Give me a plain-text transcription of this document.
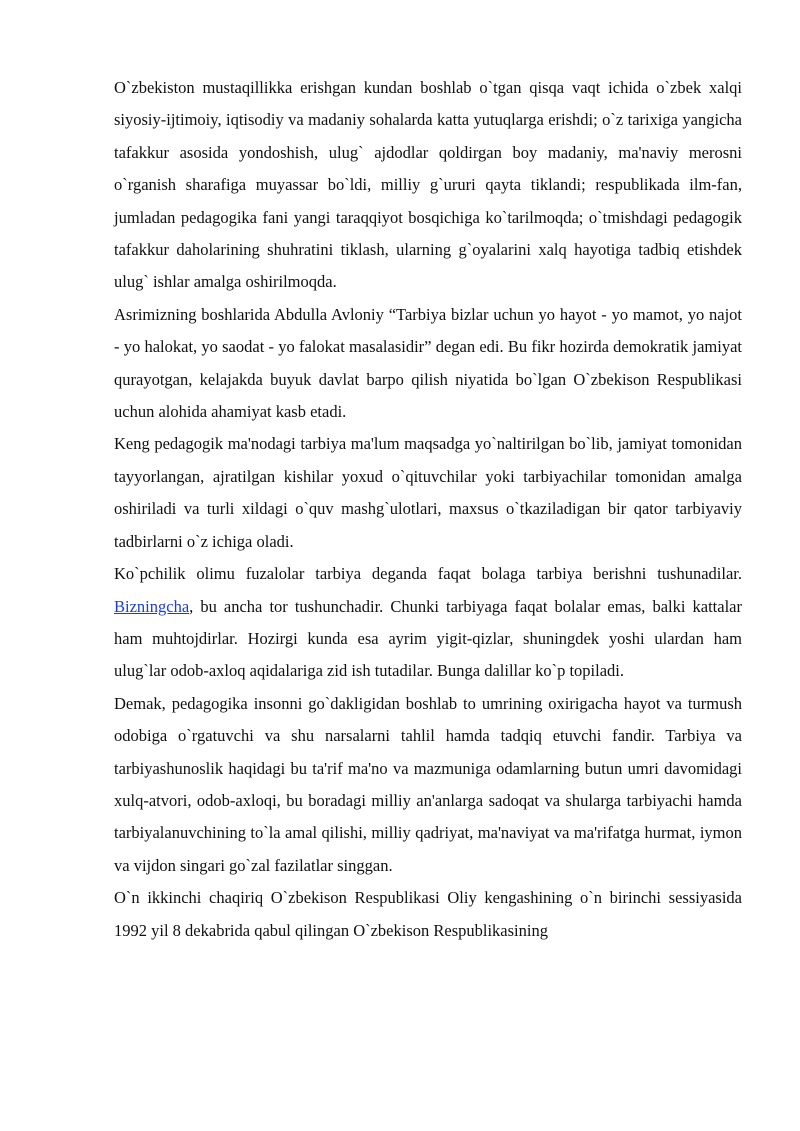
O`zbekiston mustaqillikka erishgan kundan boshlab o`tgan qisqa vaqt ichida o`zbek xalqi siyosiy-ijtimoiy, iqtisodiy va madaniy sohalarda katta yutuqlarga erishdi; o`z tarixiga yangicha tafakkur asosida yondoshish, ulug` ajdodlar qoldirgan boy madaniy, ma'naviy merosni o`rganish sharafiga muyassar bo`ldi, milliy g`ururi qayta tiklandi; respublikada ilm-fan, jumladan pedagogika fani yangi taraqqiyot bosqichiga ko`tarilmoqda; o`tmishdagi pedagogik tafakkur daholarining shuhratini tiklash, ularning g`oyalarini xalq hayotiga tadbiq etishdek ulug` ishlar amalga oshirilmoqda.

Asrimizning boshlarida Abdulla Avloniy “Tarbiya bizlar uchun yo hayot - yo mamot, yo najot - yo halokat, yo saodat - yo falokat masalasidir” degan edi. Bu fikr hozirda demokratik jamiyat qurayotgan, kelajakda buyuk davlat barpo qilish niyatida bo`lgan O`zbekison Respublikasi uchun alohida ahamiyat kasb etadi.

Keng pedagogik ma'nodagi tarbiya ma'lum maqsadga yo`naltirilgan bo`lib, jamiyat tomonidan tayyorlangan, ajratilgan kishilar yoxud o`qituvchilar yoki tarbiyachilar tomonidan amalga oshiriladi va turli xildagi o`quv mashg`ulotlari, maxsus o`tkaziladigan bir qator tarbiyaviy tadbirlarni o`z ichiga oladi.

Ko`pchilik olimu fuzalolar tarbiya deganda faqat bolaga tarbiya berishni tushunadilar. Bizningcha, bu ancha tor tushunchadir. Chunki tarbiyaga faqat bolalar emas, balki kattalar ham muhtojdirlar. Hozirgi kunda esa ayrim yigit-qizlar, shuningdek yoshi ulardan ham ulug`lar odob-axloq aqidalariga zid ish tutadilar. Bunga dalillar ko`p topiladi.

Demak, pedagogika insonni go`dakligidan boshlab to umrining oxirigacha hayot va turmush odobiga o`rgatuvchi va shu narsalarni tahlil hamda tadqiq etuvchi fandir. Tarbiya va tarbiyashunoslik haqidagi bu ta'rif ma'no va mazmuniga odamlarning butun umri davomidagi xulq-atvori, odob-axloqi, bu boradagi milliy an'anlarga sadoqat va shularga tarbiyachi hamda tarbiyalanuvchining to`la amal qilishi, milliy qadriyat, ma'naviyat va ma'rifatga hurmat, iymon va vijdon singari go`zal fazilatlar singgan.

O`n ikkinchi chaqiriq O`zbekison Respublikasi Oliy kengashining o`n birinchi sessiyasida 1992 yil 8 dekabrida qabul qilingan O`zbekison Respublikasining
